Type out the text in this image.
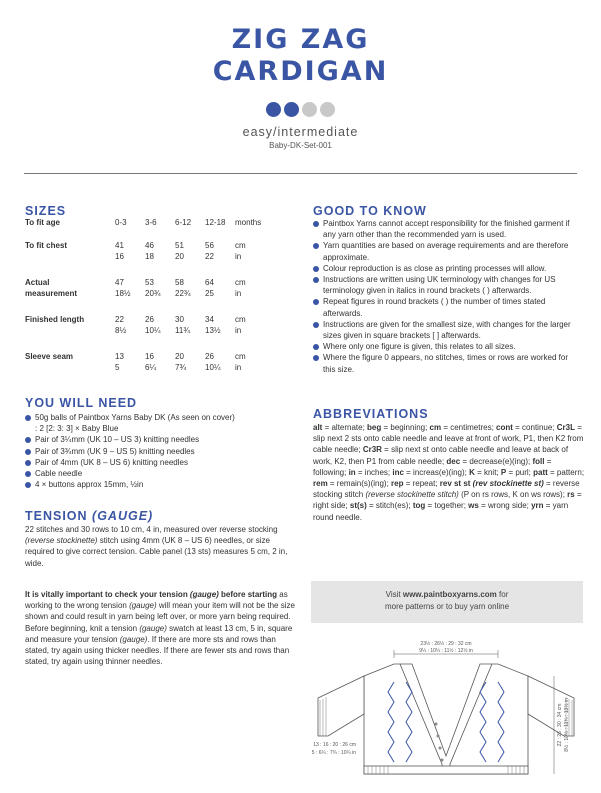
ZIG ZAG
CARDIGAN
easy/intermediate
Baby-DK-Set-001
SIZES
To fit age	0-3	3-6	6-12	12-18	months

To fit chest	41	46	51	56	cm
	16	18	20	22	in

Actual	47	53	58	64	cm
measurement	18½	20¾	22¾	25	in

Finished length	22	26	30	34	cm
	8½	10¼	11¾	13½	in

Sleeve seam	13	16	20	26	cm
	5	6¼	7¾	10¼	in

YOU WILL NEED
50g balls of Paintbox Yarns Baby DK (As seen on cover)
: 2 [2: 3: 3] × Baby Blue
Pair of 3¼mm (UK 10 – US 3) knitting needles
Pair of 3¾mm (UK 9 – US 5) knitting needles
Pair of 4mm (UK 8 – US 6) knitting needles
Cable needle
4 × buttons approx 15mm, ½in
TENSION (GAUGE)
22 stitches and 30 rows to 10 cm, 4 in, measured over reverse stocking (reverse stockinette) stitch using 4mm (UK 8 – US 6) needles, or size required to give correct tension. Cable panel (13 sts) measures 5 cm, 2 in, wide.
It is vitally important to check your tension (gauge) before starting as working to the wrong tension (gauge) will mean your item will not be the size shown and could result in yarn being left over, or more yarn being required. Before beginning, knit a tension (gauge) swatch at least 13 cm, 5 in, square and measure your tension (gauge). If there are more sts and rows than stated, try again using thicker needles. If there are fewer sts and rows than stated, try again using thinner needles.
GOOD TO KNOW
Paintbox Yarns cannot accept responsibility for the finished garment if any yarn other than the recommended yarn is used.
Yarn quantities are based on average requirements and are therefore approximate.
Colour reproduction is as close as printing processes will allow.
Instructions are written using UK terminology with changes for US terminology given in italics in round brackets ( ) afterwards.
Repeat figures in round brackets ( ) the number of times stated afterwards.
Instructions are given for the smallest size, with changes for the larger sizes given in square brackets [ ] afterwards.
Where only one figure is given, this relates to all sizes.
Where the figure 0 appears, no stitches, times or rows are worked for this size.
ABBREVIATIONS
alt = alternate; beg = beginning; cm = centimetres; cont = continue; Cr3L = slip next 2 sts onto cable needle and leave at front of work, P1, then K2 from cable needle; Cr3R = slip next st onto cable needle and leave at back of work, K2, then P1 from cable needle; dec = decrease(e)(ing); foll = following; in = inches; inc = increas(e)(ing); K = knit; P = purl; patt = pattern; rem = remain(s)(ing); rep = repeat; rev st st (rev stockinette st) = reverse stocking stitch (reverse stockinette stitch) (P on rs rows, K on ws rows); rs = right side; st(s) = stitch(es); tog = together; ws = wrong side; yrn = yarn round needle.
Visit www.paintboxyarns.com for
more patterns or to buy yarn online
23½ : 26½ : 29 : 32 cm
9¼ : 10¼ : 11½ : 12½ in
13 : 16 : 20 : 26 cm
5 : 6¼ : 7¾ : 10¼ in
22 : 26 : 30 : 34 cm 8½ : 10¼ : 11¾ : 13½ in
